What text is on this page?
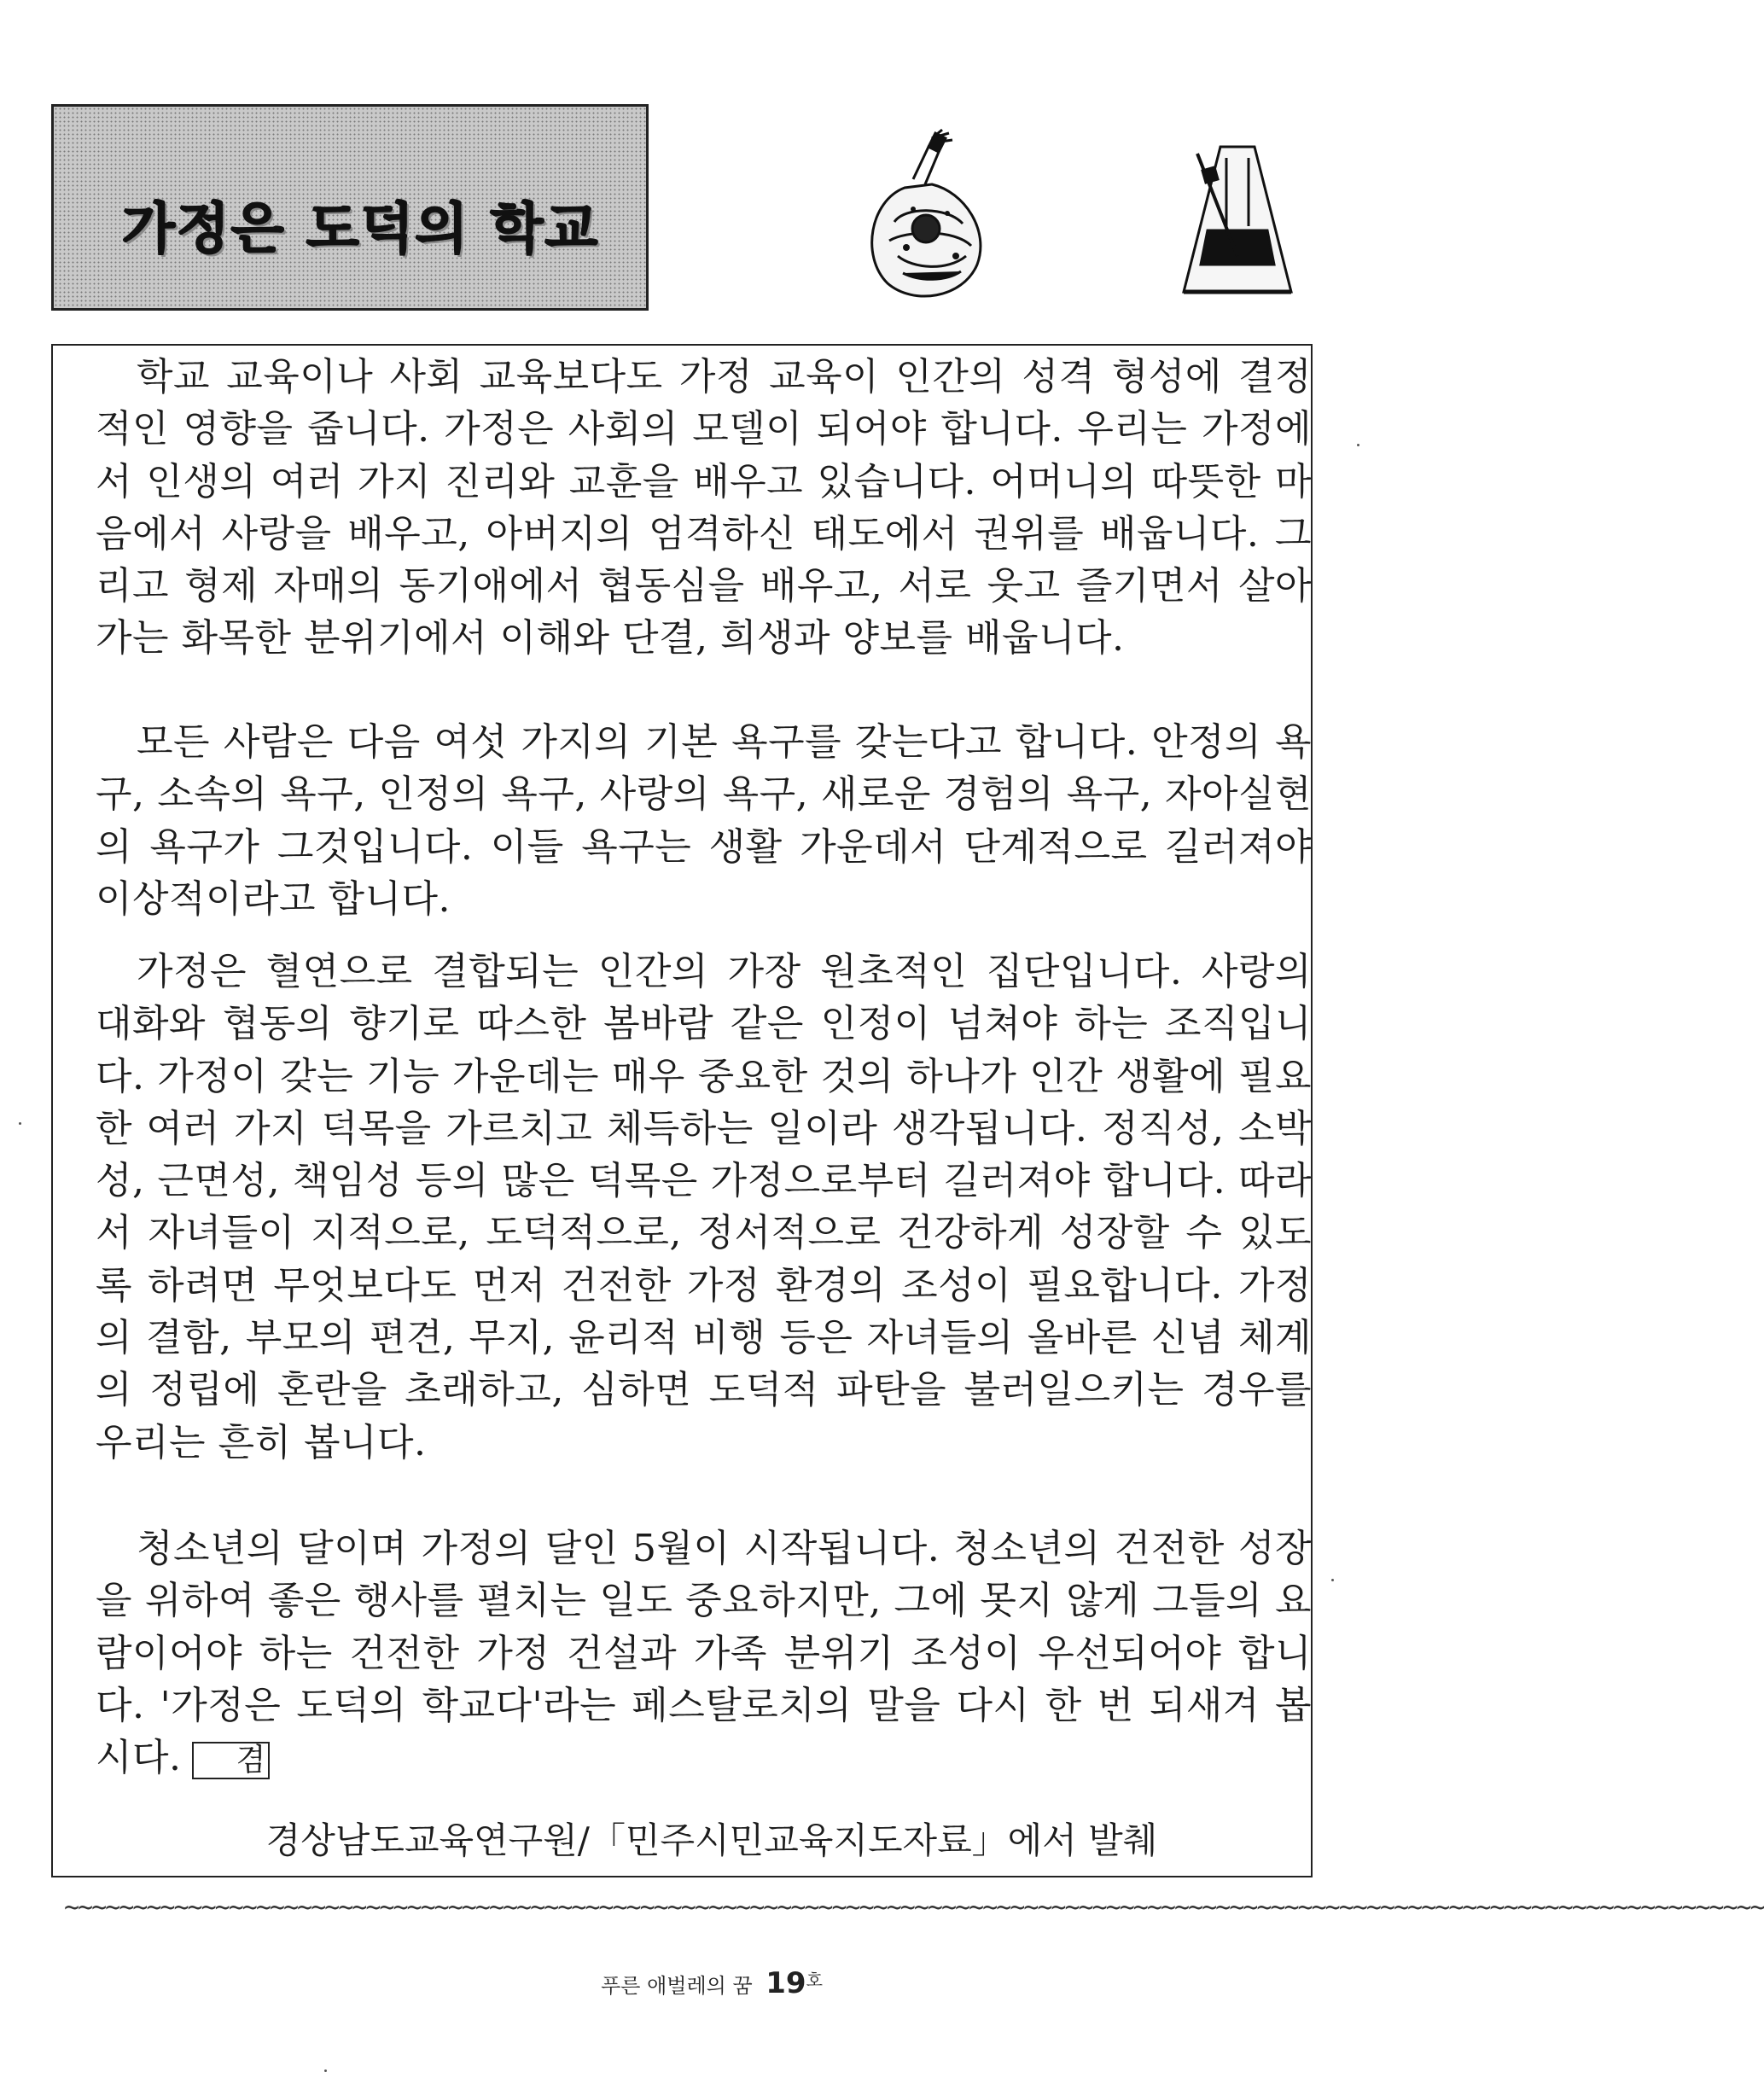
가정은 도덕의 학교

학교 교육이나 사회 교육보다도 가정 교육이 인간의 성격 형성에 결정적인 영향을 줍니다. 가정은 사회의 모델이 되어야 합니다. 우리는 가정에서 인생의 여러 가지 진리와 교훈을 배우고 있습니다. 어머니의 따뜻한 마음에서 사랑을 배우고, 아버지의 엄격하신 태도에서 권위를 배웁니다. 그리고 형제 자매의 동기애에서 협동심을 배우고, 서로 웃고 즐기면서 살아가는 화목한 분위기에서 이해와 단결, 희생과 양보를 배웁니다.

모든 사람은 다음 여섯 가지의 기본 욕구를 갖는다고 합니다. 안정의 욕구, 소속의 욕구, 인정의 욕구, 사랑의 욕구, 새로운 경험의 욕구, 자아실현의 욕구가 그것입니다. 이들 욕구는 생활 가운데서 단계적으로 길러져야 이상적이라고 합니다.

가정은 혈연으로 결합되는 인간의 가장 원초적인 집단입니다. 사랑의 대화와 협동의 향기로 따스한 봄바람 같은 인정이 넘쳐야 하는 조직입니다. 가정이 갖는 기능 가운데는 매우 중요한 것의 하나가 인간 생활에 필요한 여러 가지 덕목을 가르치고 체득하는 일이라 생각됩니다. 정직성, 소박성, 근면성, 책임성 등의 많은 덕목은 가정으로부터 길러져야 합니다. 따라서 자녀들이 지적으로, 도덕적으로, 정서적으로 건강하게 성장할 수 있도록 하려면 무엇보다도 먼저 건전한 가정 환경의 조성이 필요합니다. 가정의 결함, 부모의 편견, 무지, 윤리적 비행 등은 자녀들의 올바른 신념 체계의 정립에 혼란을 초래하고, 심하면 도덕적 파탄을 불러일으키는 경우를 우리는 흔히 봅니다.

청소년의 달이며 가정의 달인 5월이 시작됩니다. 청소년의 건전한 성장을 위하여 좋은 행사를 펼치는 일도 중요하지만, 그에 못지 않게 그들의 요람이어야 하는 건전한 가정 건설과 가족 분위기 조성이 우선되어야 합니다. '가정은 도덕의 학교다'라는 페스탈로치의 말을 다시 한 번 되새겨 봅시다. 겸

경상남도교육연구원/「민주시민교육지도자료」에서 발췌
~~~~~~~~~~~~~~~~~~~~~~~~~~~~~~~~~~~~~~~~~~~~~~~~~~~~~~~~~~~~~~~~~~~~~~~~~~~~~~~~~~~~~~~~~~~~~~~~~~~~~~~~~~~~~~~~~~~~~~~~~~~~
푸른 애벌레의 꿈 $19^호$
